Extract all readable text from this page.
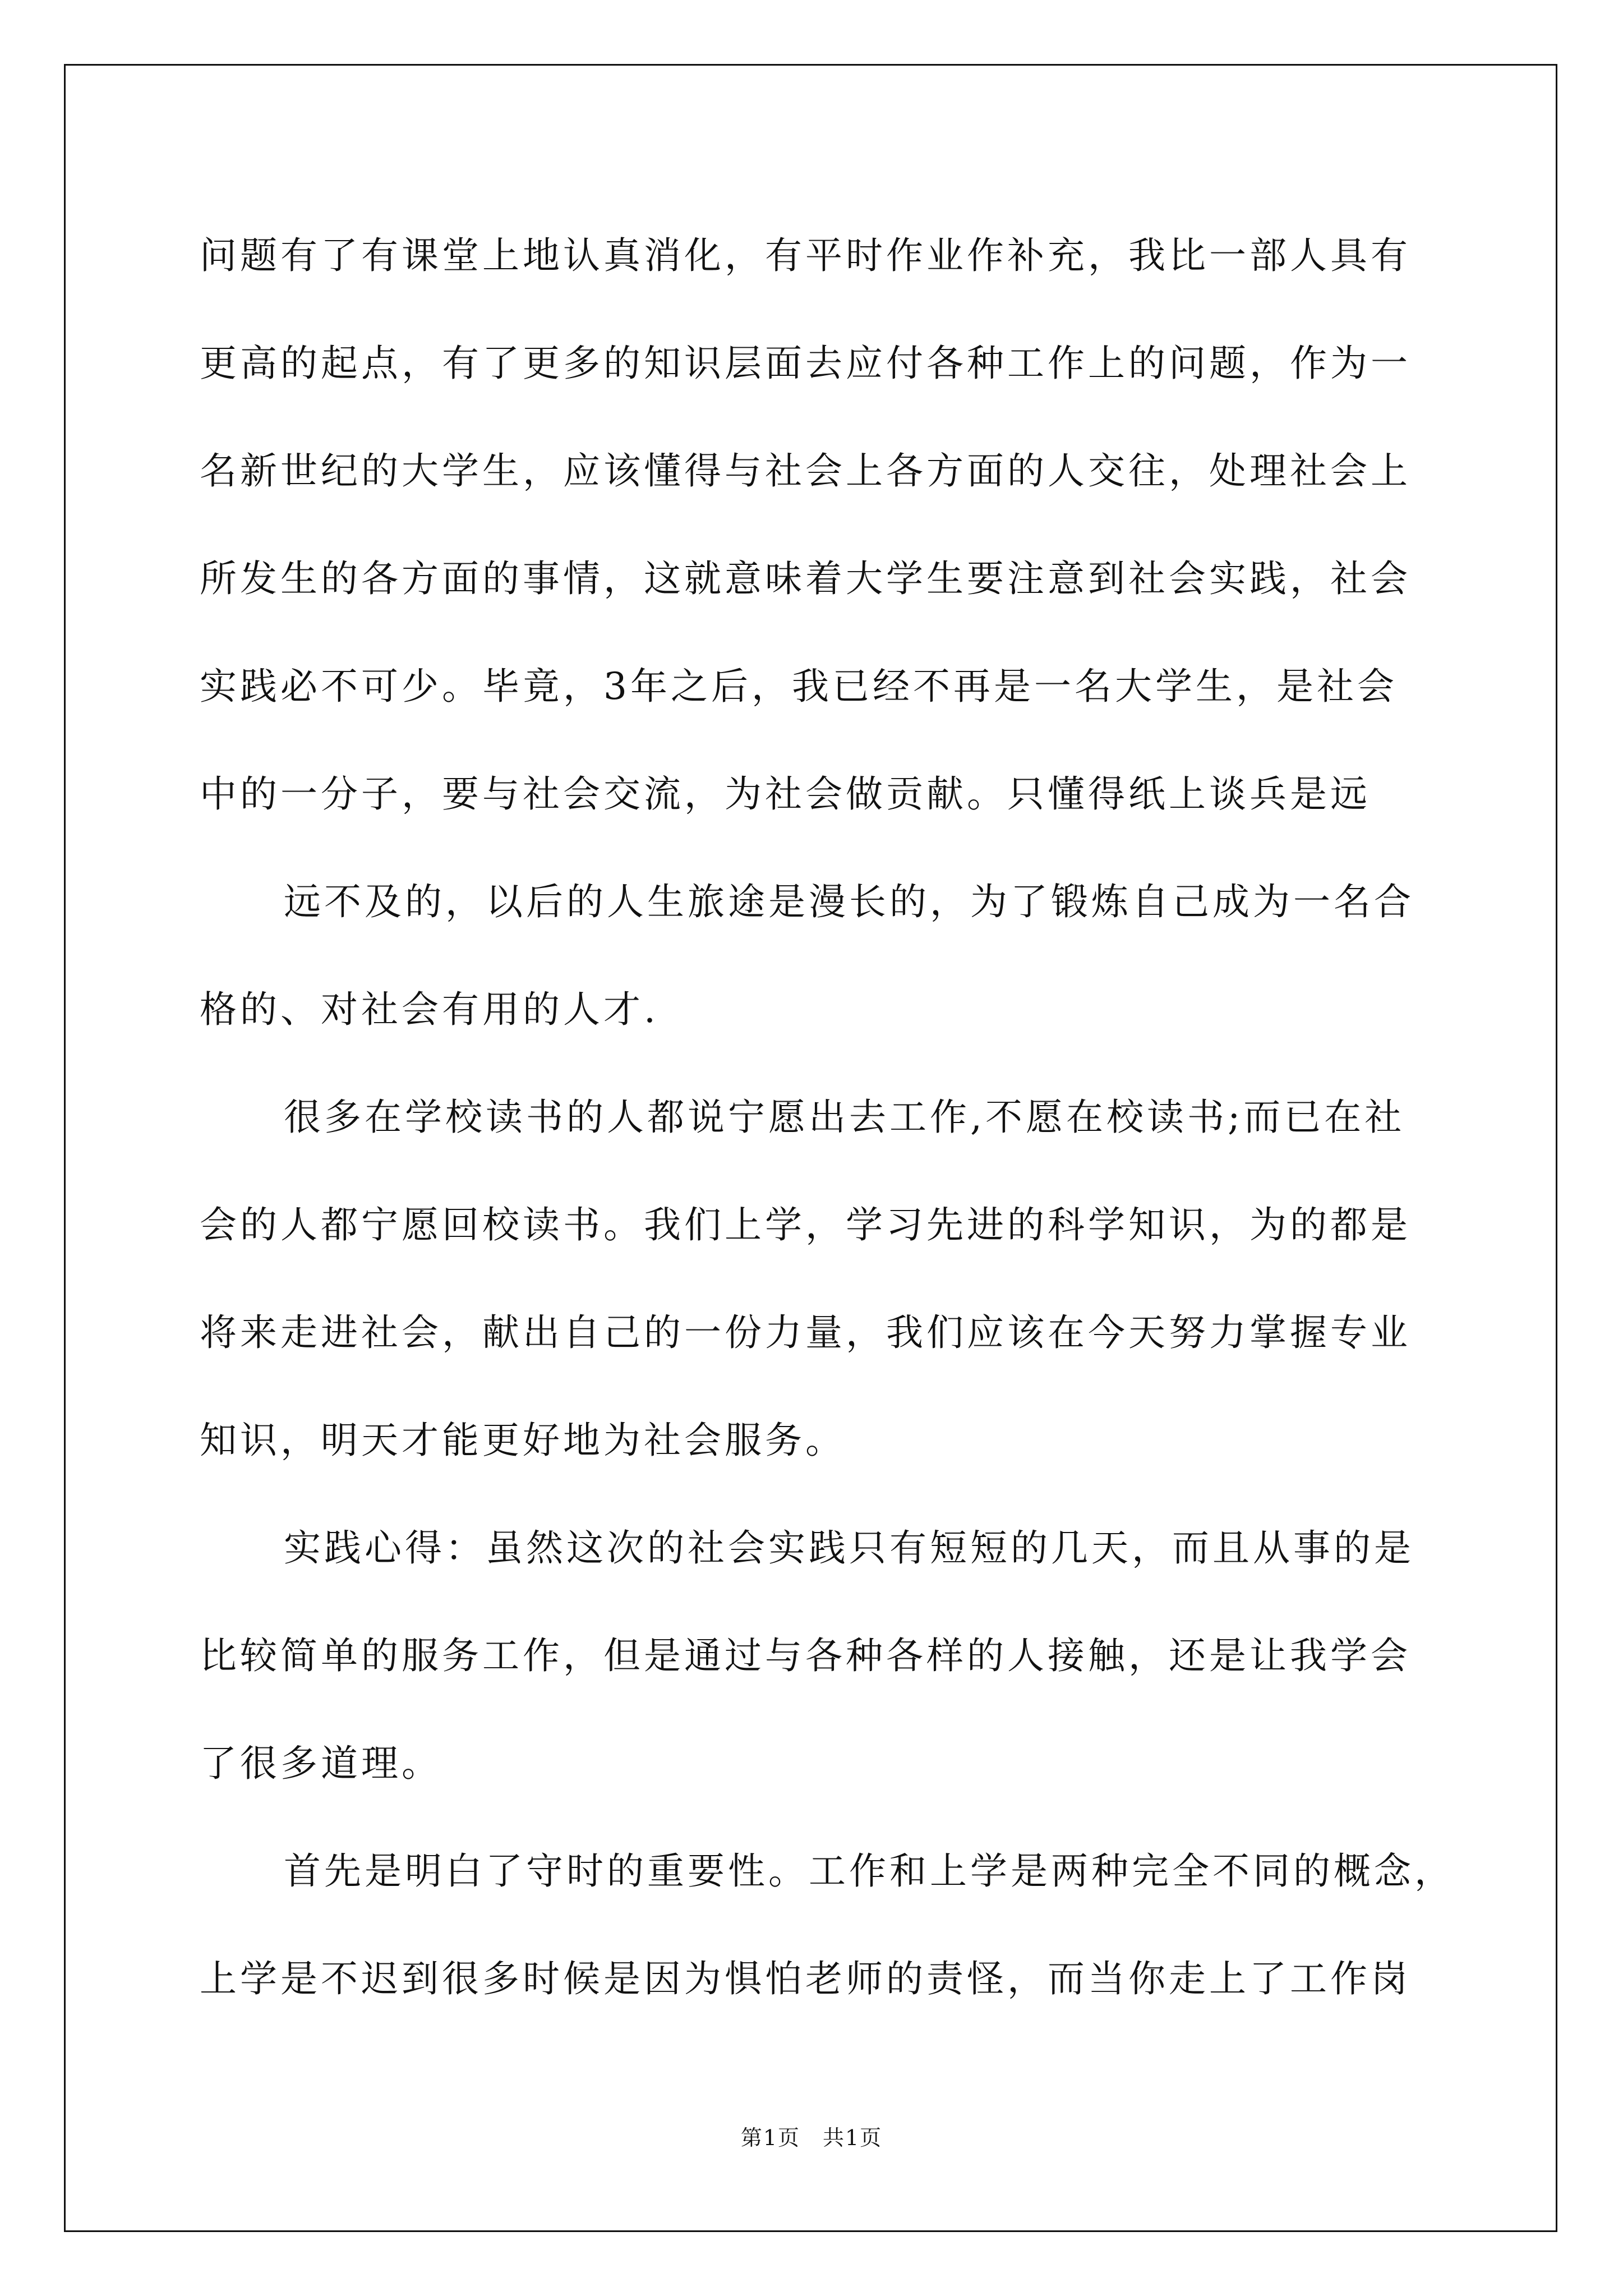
问题有了有课堂上地认真消化，有平时作业作补充，我比一部人具有
更高的起点，有了更多的知识层面去应付各种工作上的问题，作为一
名新世纪的大学生，应该懂得与社会上各方面的人交往，处理社会上
所发生的各方面的事情，这就意味着大学生要注意到社会实践，社会
实践必不可少。毕竟，3年之后，我已经不再是一名大学生，是社会
中的一分子，要与社会交流，为社会做贡献。只懂得纸上谈兵是远
远不及的，以后的人生旅途是漫长的，为了锻炼自己成为一名合
格的、对社会有用的人才.
很多在学校读书的人都说宁愿出去工作,不愿在校读书;而已在社
会的人都宁愿回校读书。我们上学，学习先进的科学知识，为的都是
将来走进社会，献出自己的一份力量，我们应该在今天努力掌握专业
知识，明天才能更好地为社会服务。
实践心得：虽然这次的社会实践只有短短的几天，而且从事的是
比较简单的服务工作，但是通过与各种各样的人接触，还是让我学会
了很多道理。
首先是明白了守时的重要性。工作和上学是两种完全不同的概念，
上学是不迟到很多时候是因为惧怕老师的责怪，而当你走上了工作岗
第1页 共1页
